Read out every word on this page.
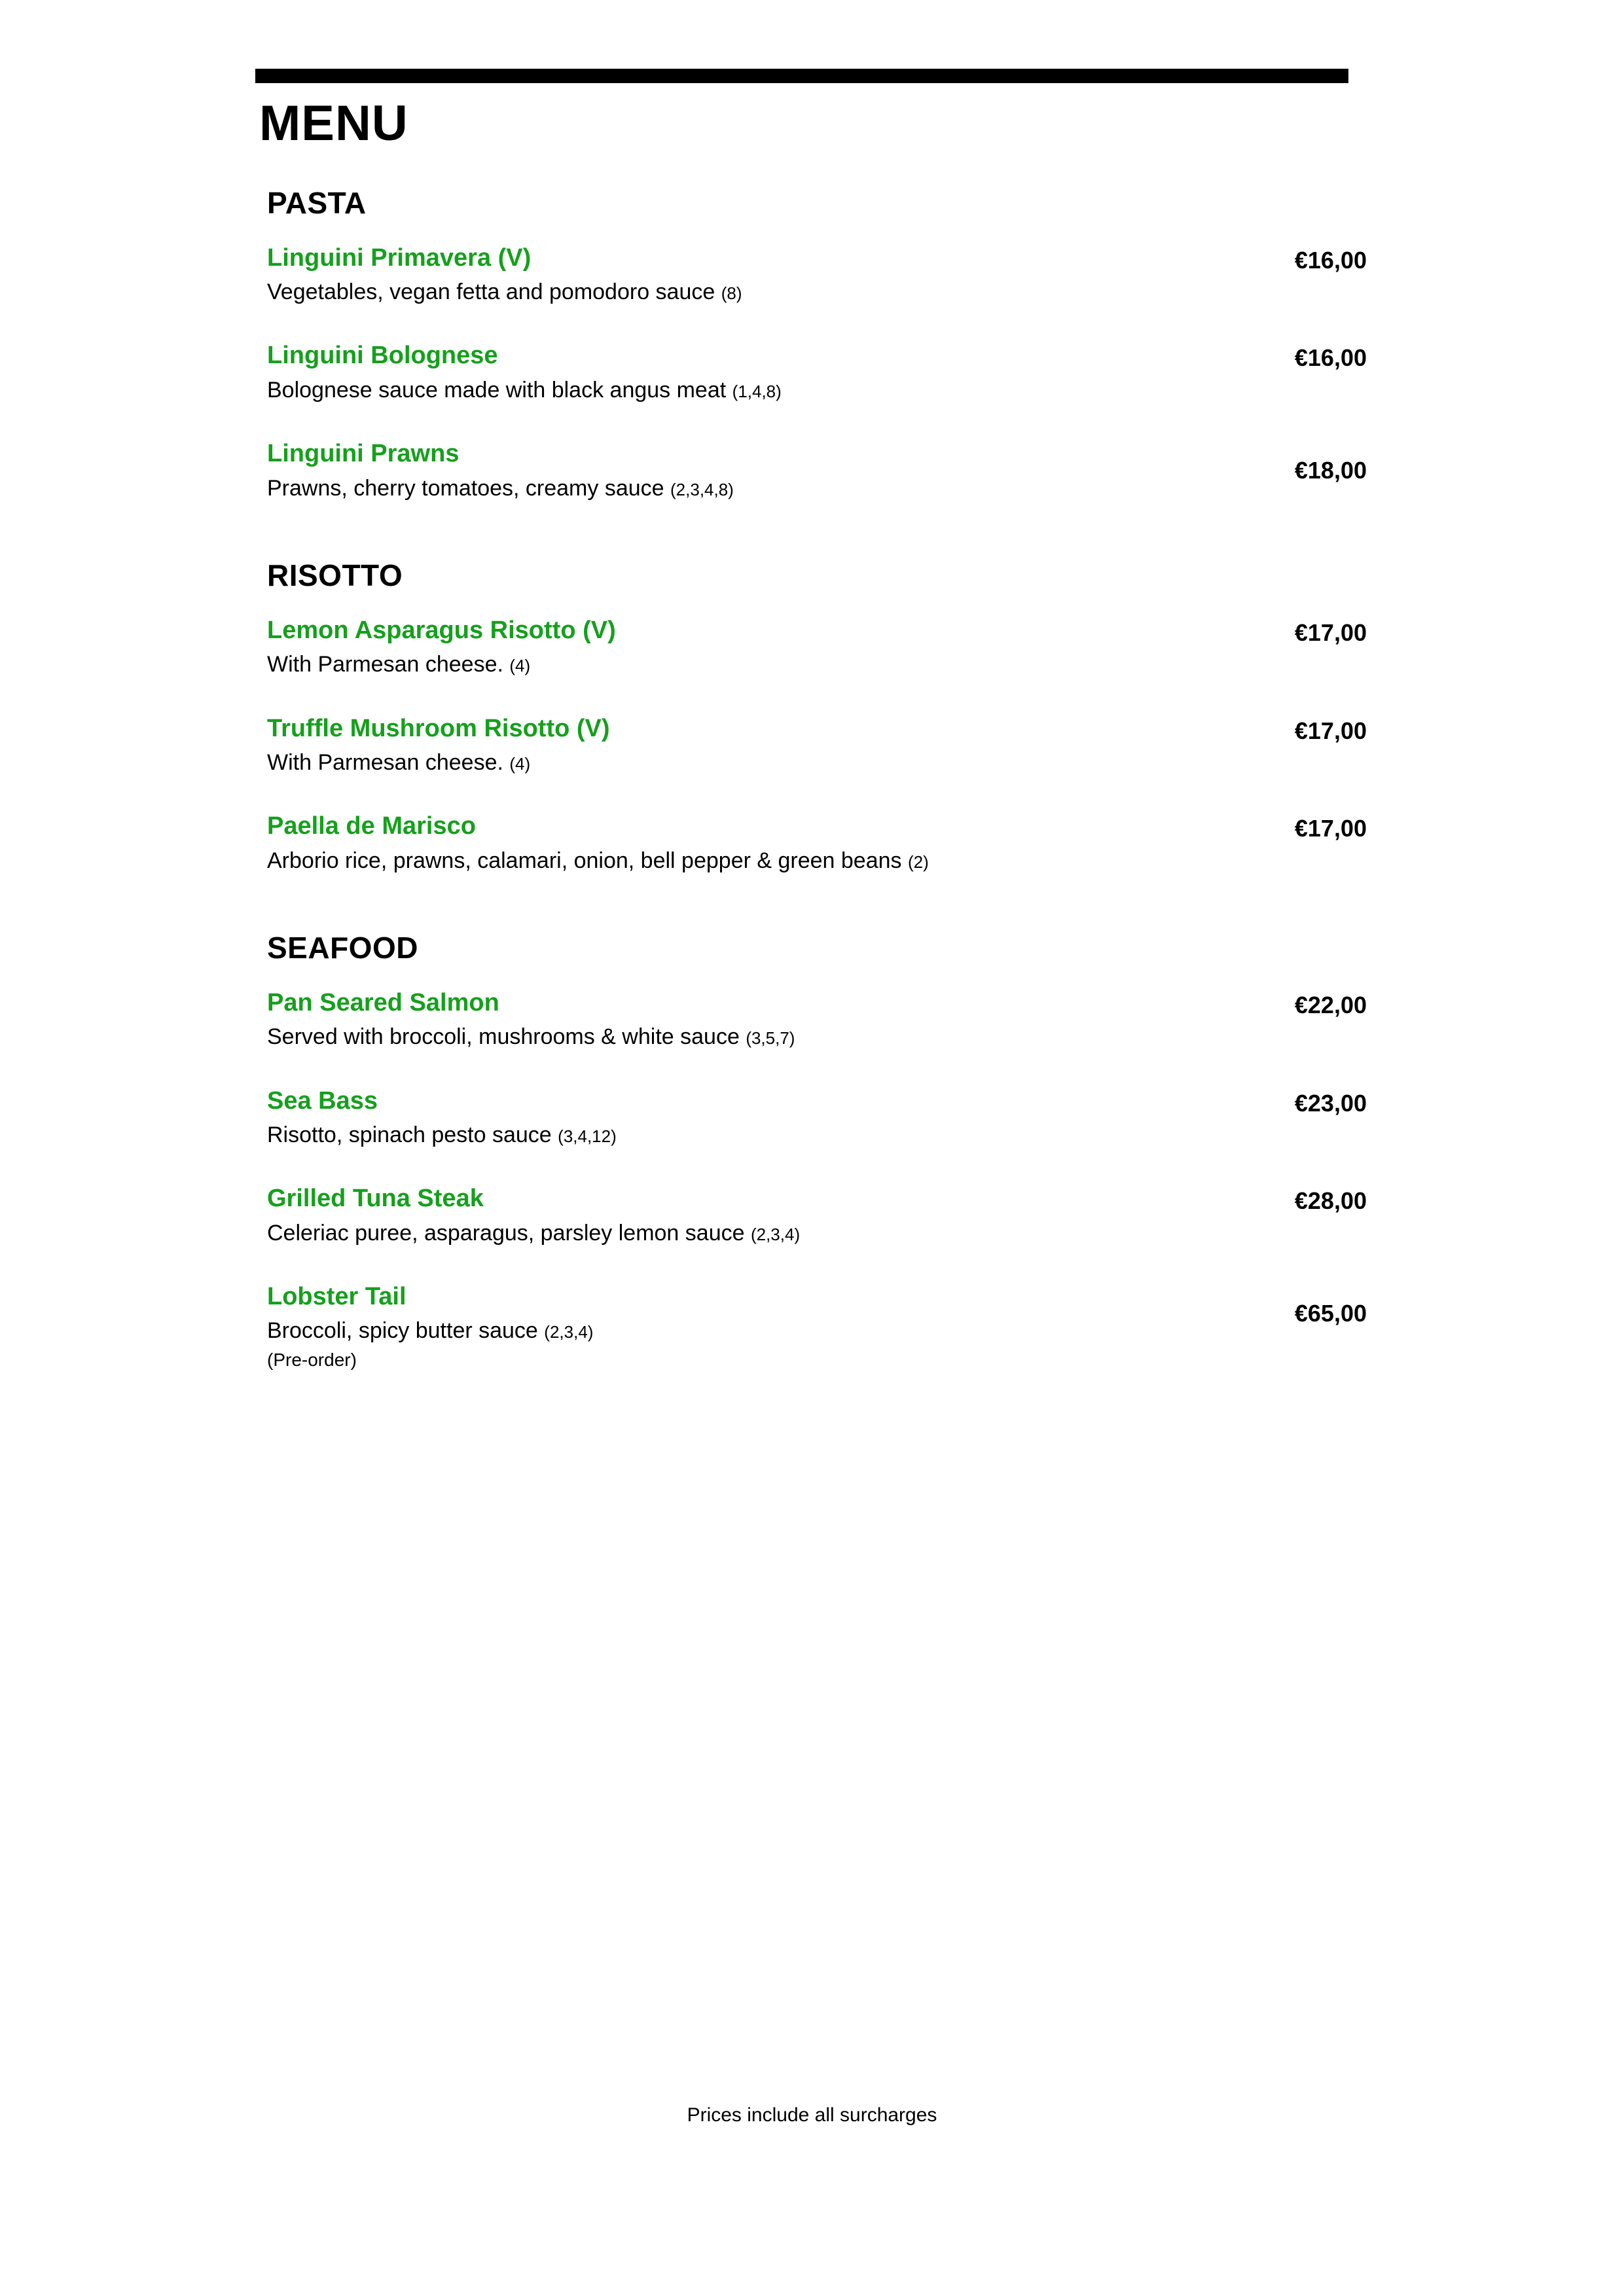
MENU
PASTA
Linguini Primavera (V)
Vegetables, vegan fetta and pomodoro sauce (8)
€16,00
Linguini Bolognese
Bolognese sauce made with black angus meat (1,4,8)
€16,00
Linguini Prawns
Prawns, cherry tomatoes, creamy sauce (2,3,4,8)
€18,00
RISOTTO
Lemon Asparagus Risotto (V)
With Parmesan cheese. (4)
€17,00
Truffle Mushroom Risotto (V)
With Parmesan cheese. (4)
€17,00
Paella de Marisco
Arborio rice, prawns, calamari, onion, bell pepper & green beans (2)
€17,00
SEAFOOD
Pan Seared Salmon
Served with broccoli, mushrooms & white sauce (3,5,7)
€22,00
Sea Bass
Risotto, spinach pesto sauce (3,4,12)
€23,00
Grilled Tuna Steak
Celeriac puree, asparagus, parsley lemon sauce (2,3,4)
€28,00
Lobster Tail
Broccoli, spicy butter sauce (2,3,4)
(Pre-order)
€65,00
Prices include all surcharges
